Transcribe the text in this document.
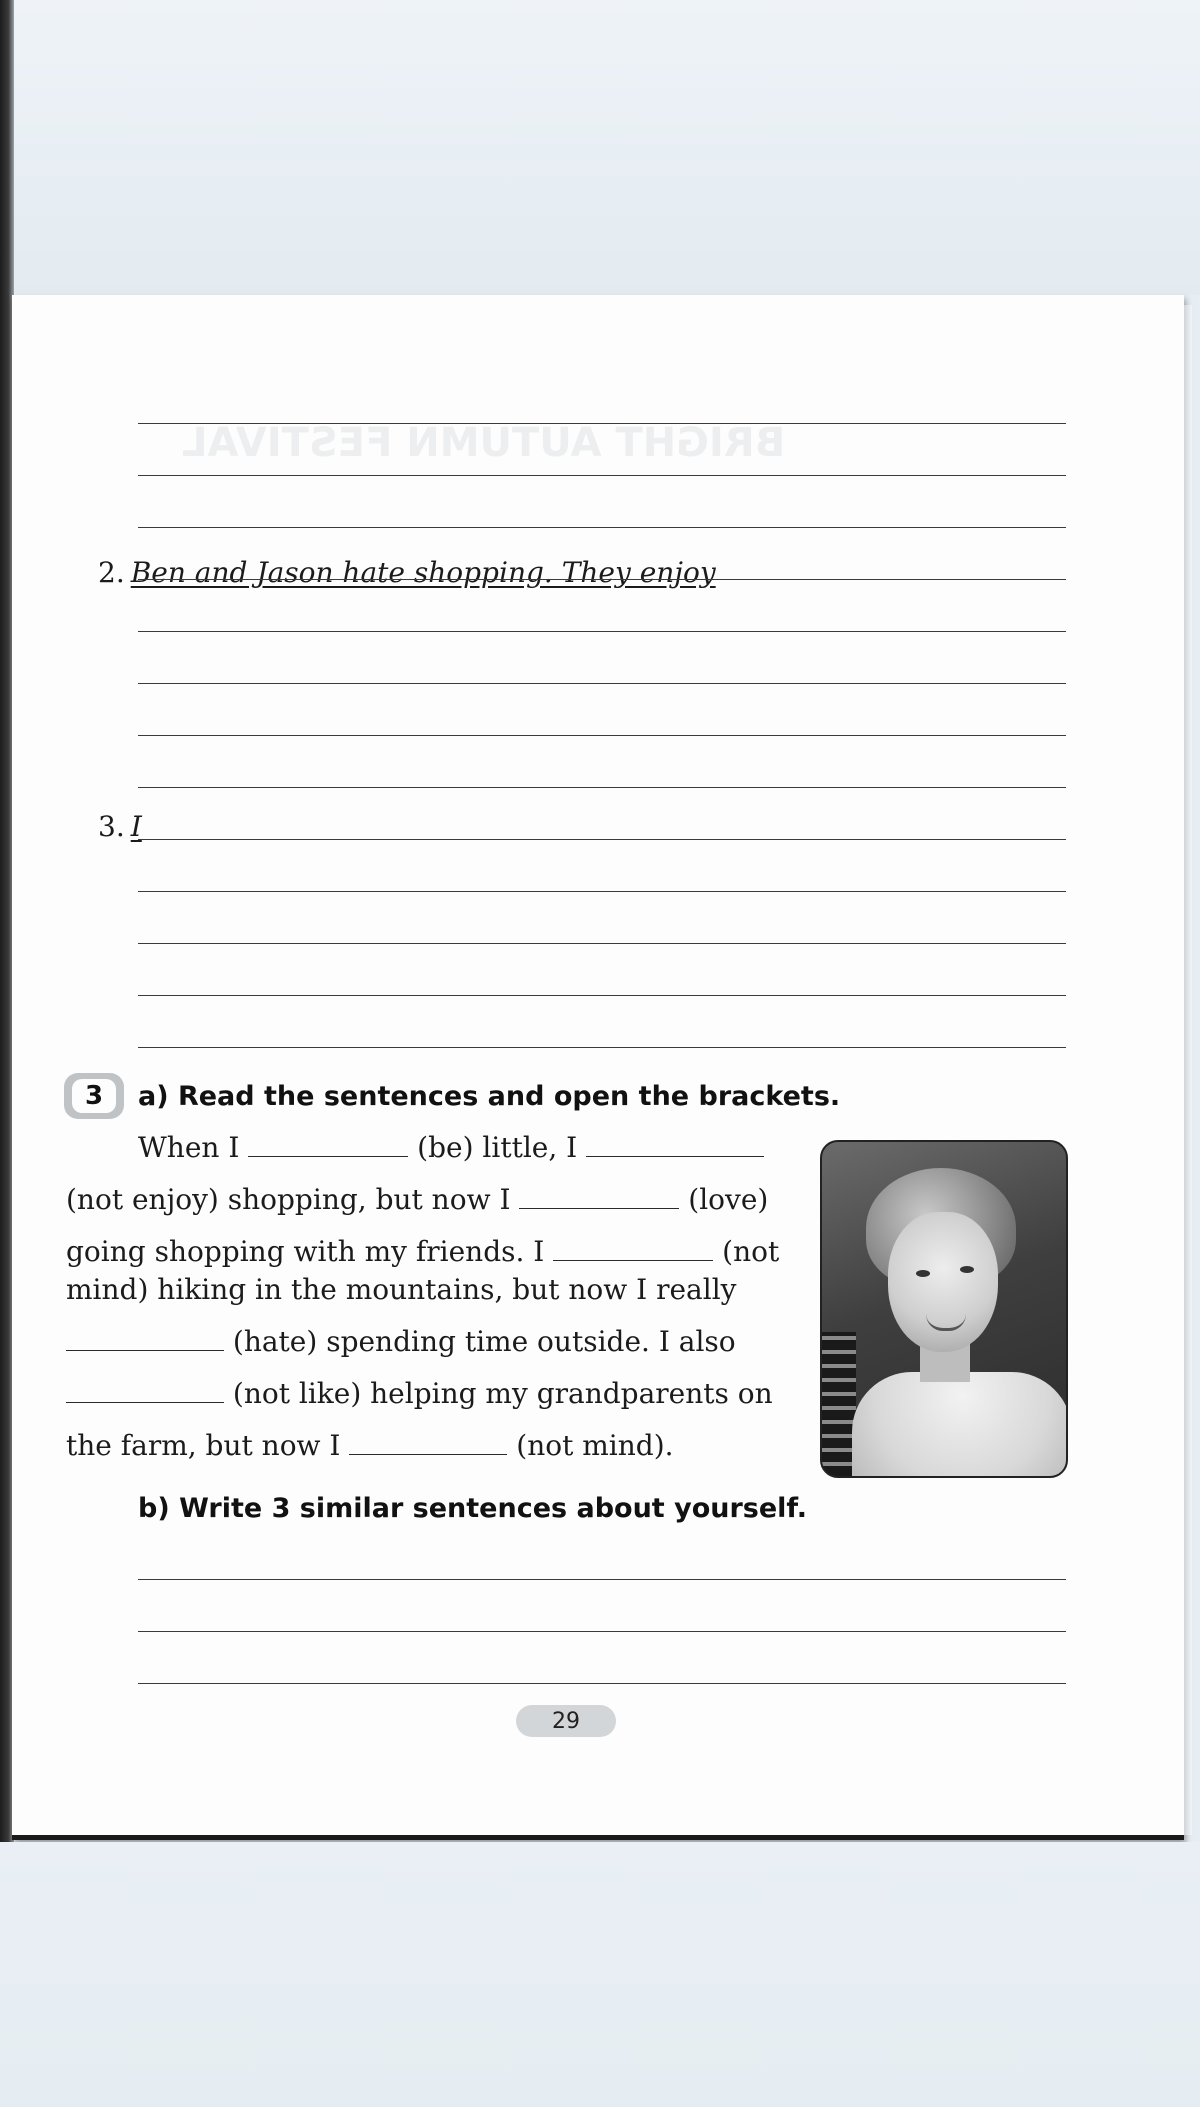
BRIGHT AUTUMN FESTIVAL
2. Ben and Jason hate shopping. They enjoy
3. I
3	a) Read the sentences and open the brackets.
When I	(be) little, I
(not enjoy) shopping, but now I	(love)
going shopping with my friends. I	(not
mind) hiking in the mountains, but now I really
(hate) spending time outside. I also
(not like) helping my grandparents on
the farm, but now I	(not mind).
b) Write 3 similar sentences about yourself.
29
